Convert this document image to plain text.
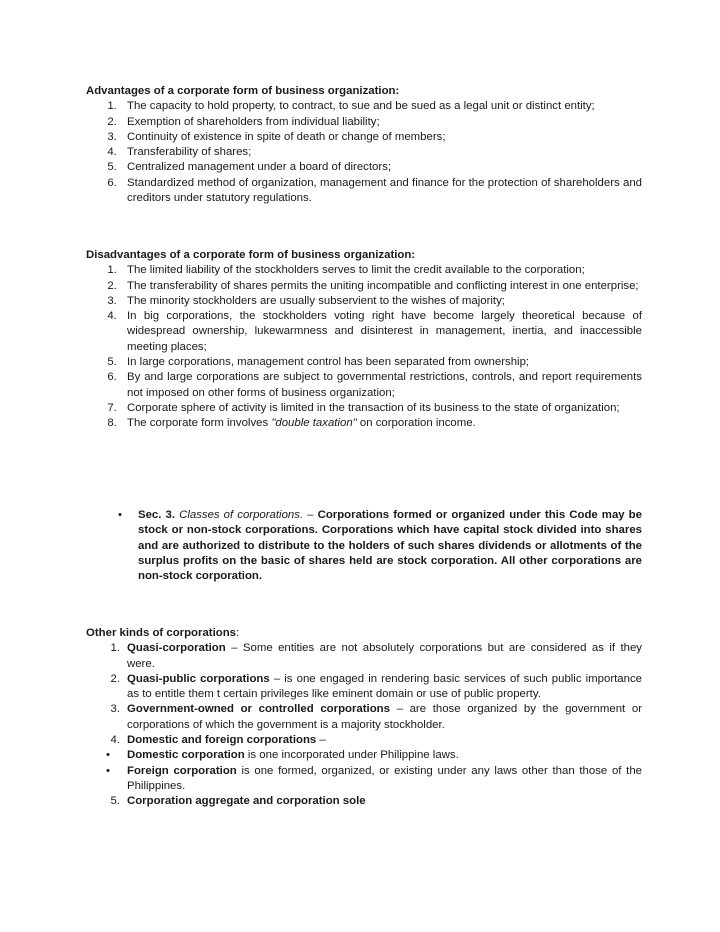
Advantages of a corporate form of business organization:

1. The capacity to hold property, to contract, to sue and be sued as a legal unit or distinct entity;
2. Exemption of shareholders from individual liability;
3. Continuity of existence in spite of death or change of members;
4. Transferability of shares;
5. Centralized management under a board of directors;
6. Standardized method of organization, management and finance for the protection of shareholders and creditors under statutory regulations.

Disadvantages of a corporate form of business organization:

1. The limited liability of the stockholders serves to limit the credit available to the corporation;
2. The transferability of shares permits the uniting incompatible and conflicting interest in one enterprise;
3. The minority stockholders are usually subservient to the wishes of majority;
4. In big corporations, the stockholders voting right have become largely theoretical because of widespread ownership, lukewarmness and disinterest in management, inertia, and inaccessible meeting places;
5. In large corporations, management control has been separated from ownership;
6. By and large corporations are subject to governmental restrictions, controls, and report requirements not imposed on other forms of business organization;
7. Corporate sphere of activity is limited in the transaction of its business to the state of organization;
8. The corporate form involves "double taxation" on corporation income.
•	Sec. 3. Classes of corporations. – Corporations formed or organized under this Code may be stock or non-stock corporations. Corporations which have capital stock divided into shares and are authorized to distribute to the holders of such shares dividends or allotments of the surplus profits on the basic of shares held are stock corporation. All other corporations are non-stock corporation.

Other kinds of corporations:

1. Quasi-corporation – Some entities are not absolutely corporations but are considered as if they were.
2. Quasi-public corporations – is one engaged in rendering basic services of such public importance as to entitle them t certain privileges like eminent domain or use of public property.
3. Government-owned or controlled corporations – are those organized by the government or corporations of which the government is a majority stockholder.
4. Domestic and foreign corporations –
•	Domestic corporation is one incorporated under Philippine laws.
•	Foreign corporation is one formed, organized, or existing under any laws other than those of the Philippines.
5. Corporation aggregate and corporation sole
